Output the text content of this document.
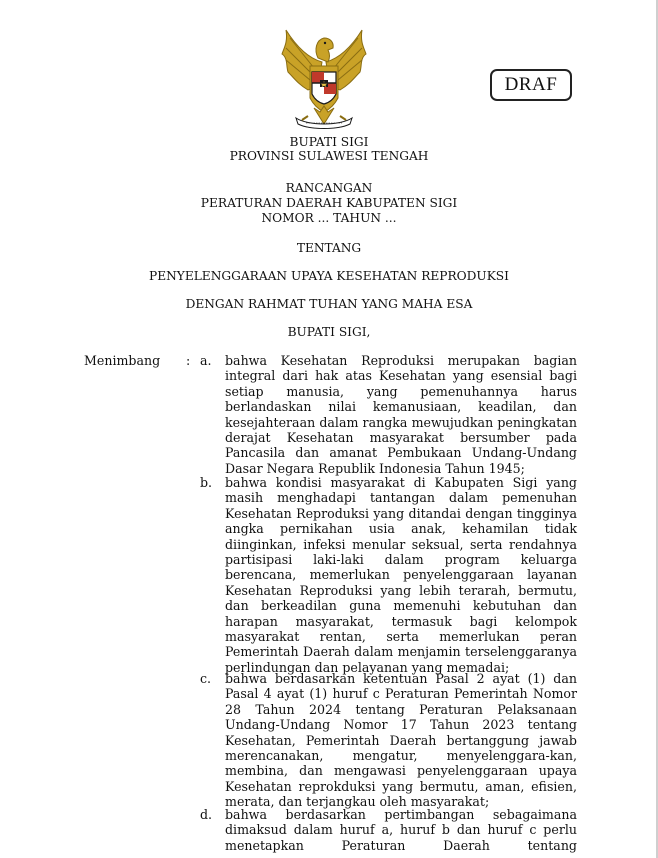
DRAF
BUPATI SIGI
PROVINSI SULAWESI TENGAH
RANCANGAN
PERATURAN DAERAH KABUPATEN SIGI
NOMOR ... TAHUN ...
TENTANG
PENYELENGGARAAN UPAYA KESEHATAN REPRODUKSI
DENGAN RAHMAT TUHAN YANG MAHA ESA
BUPATI SIGI,
Menimbang : a. bahwa Kesehatan Reproduksi merupakan bagian
integral dari hak atas Kesehatan yang esensial bagi
setiap manusia, yang pemenuhannya harus
berlandaskan nilai kemanusiaan, keadilan, dan
kesejahteraan dalam rangka mewujudkan peningkatan
derajat Kesehatan masyarakat bersumber pada
Pancasila dan amanat Pembukaan Undang-Undang
Dasar Negara Republik Indonesia Tahun 1945;
b. bahwa kondisi masyarakat di Kabupaten Sigi yang
masih menghadapi tantangan dalam pemenuhan
Kesehatan Reproduksi yang ditandai dengan tingginya
angka pernikahan usia anak, kehamilan tidak
diinginkan, infeksi menular seksual, serta rendahnya
partisipasi laki-laki dalam program keluarga
berencana, memerlukan penyelenggaraan layanan
Kesehatan Reproduksi yang lebih terarah, bermutu,
dan berkeadilan guna memenuhi kebutuhan dan
harapan masyarakat, termasuk bagi kelompok
masyarakat rentan, serta memerlukan peran
Pemerintah Daerah dalam menjamin terselenggaranya
perlindungan dan pelayanan yang memadai;
c. bahwa berdasarkan ketentuan Pasal 2 ayat (1) dan
Pasal 4 ayat (1) huruf c Peraturan Pemerintah Nomor
28 Tahun 2024 tentang Peraturan Pelaksanaan
Undang-Undang Nomor 17 Tahun 2023 tentang
Kesehatan, Pemerintah Daerah bertanggung jawab
merencanakan, mengatur, menyelenggara-kan,
membina, dan mengawasi penyelenggaraan upaya
Kesehatan reprokduksi yang bermutu, aman, efisien,
merata, dan terjangkau oleh masyarakat;
d. bahwa berdasarkan pertimbangan sebagaimana
dimaksud dalam huruf a, huruf b dan huruf c perlu
menetapkan Peraturan Daerah tentang
